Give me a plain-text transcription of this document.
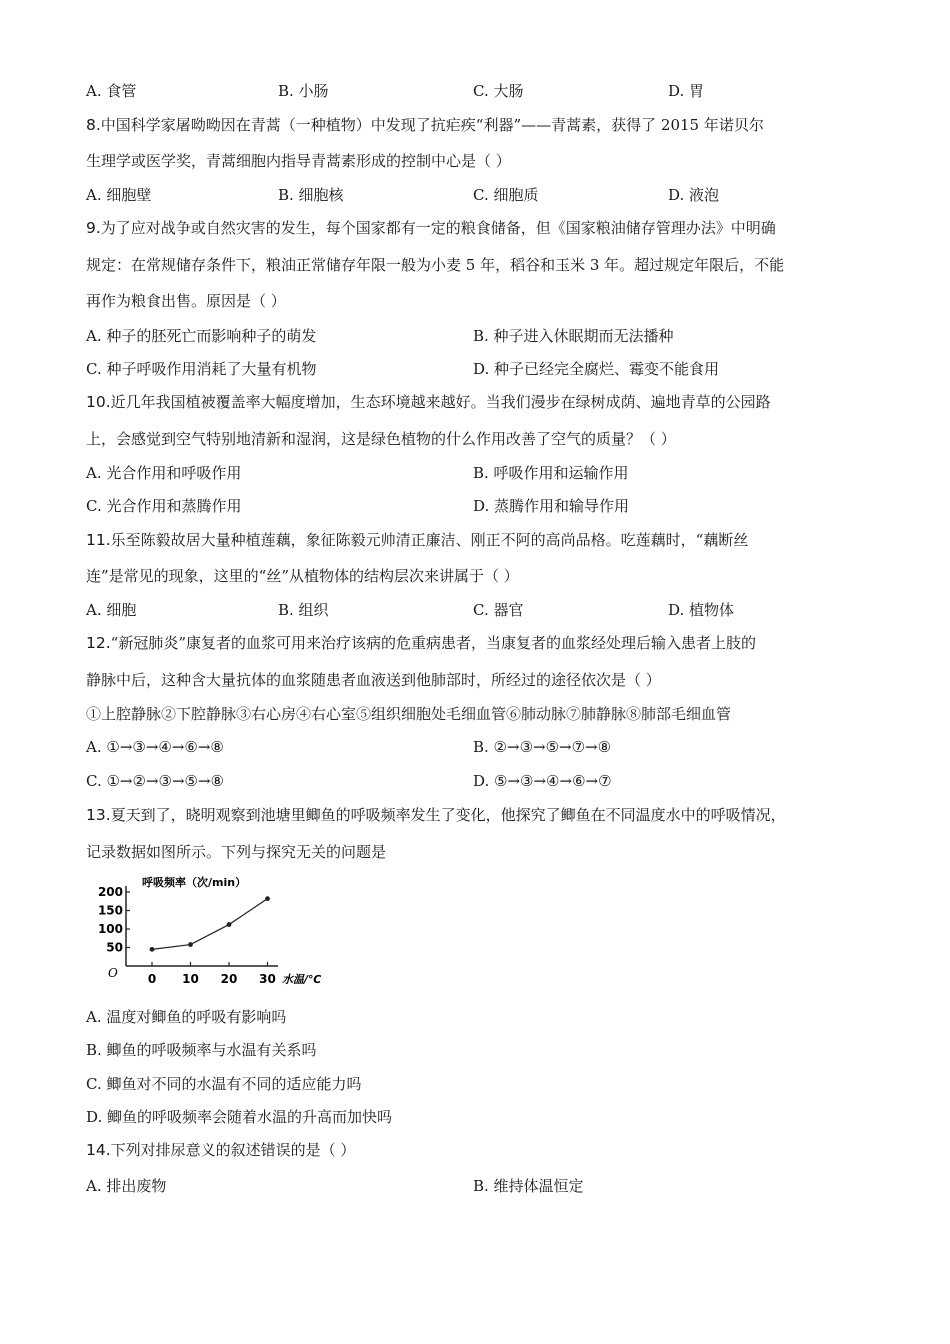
A. 食管	B. 小肠	C. 大肠	D. 胃
8.中国科学家屠呦呦因在青蒿（一种植物）中发现了抗疟疾“利器”——青蒿素，获得了 2015 年诺贝尔
生理学或医学奖，青蒿细胞内指导青蒿素形成的控制中心是（ ）
A. 细胞壁	B. 细胞核	C. 细胞质	D. 液泡
9.为了应对战争或自然灾害的发生，每个国家都有一定的粮食储备，但《国家粮油储存管理办法》中明确
规定：在常规储存条件下，粮油正常储存年限一般为小麦 5 年，稻谷和玉米 3 年。超过规定年限后，不能
再作为粮食出售。原因是（ ）
A. 种子的胚死亡而影响种子的萌发	B. 种子进入休眠期而无法播种
C. 种子呼吸作用消耗了大量有机物	D. 种子已经完全腐烂、霉变不能食用
10.近几年我国植被覆盖率大幅度增加，生态环境越来越好。当我们漫步在绿树成荫、遍地青草的公园路
上，会感觉到空气特别地清新和湿润，这是绿色植物的什么作用改善了空气的质量？（ ）
A. 光合作用和呼吸作用	B. 呼吸作用和运输作用
C. 光合作用和蒸腾作用	D. 蒸腾作用和输导作用
11.乐至陈毅故居大量种植莲藕，象征陈毅元帅清正廉洁、刚正不阿的高尚品格。吃莲藕时，“藕断丝
连”是常见的现象，这里的“丝”从植物体的结构层次来讲属于（ ）
A. 细胞	B. 组织	C. 器官	D. 植物体
12.“新冠肺炎”康复者的血浆可用来治疗该病的危重病患者，当康复者的血浆经处理后输入患者上肢的
静脉中后，这种含大量抗体的血浆随患者血液送到他肺部时，所经过的途径依次是（ ）
①上腔静脉②下腔静脉③右心房④右心室⑤组织细胞处毛细血管⑥肺动脉⑦肺静脉⑧肺部毛细血管
A. ①→③→④→⑥→⑧	B. ②→③→⑤→⑦→⑧
C. ①→②→③→⑤→⑧	D. ⑤→③→④→⑥→⑦
13.夏天到了，晓明观察到池塘里鲫鱼的呼吸频率发生了变化，他探究了鲫鱼在不同温度水中的呼吸情况，
记录数据如图所示。下列与探究无关的问题是
50
100
150
200
0 10 20 30
呼吸频率（次/min）
水温/℃
O
A. 温度对鲫鱼的呼吸有影响吗
B. 鲫鱼的呼吸频率与水温有关系吗
C. 鲫鱼对不同的水温有不同的适应能力吗
D. 鲫鱼的呼吸频率会随着水温的升高而加快吗
14.下列对排尿意义的叙述错误的是（ ）
A. 排出废物	B. 维持体温恒定
